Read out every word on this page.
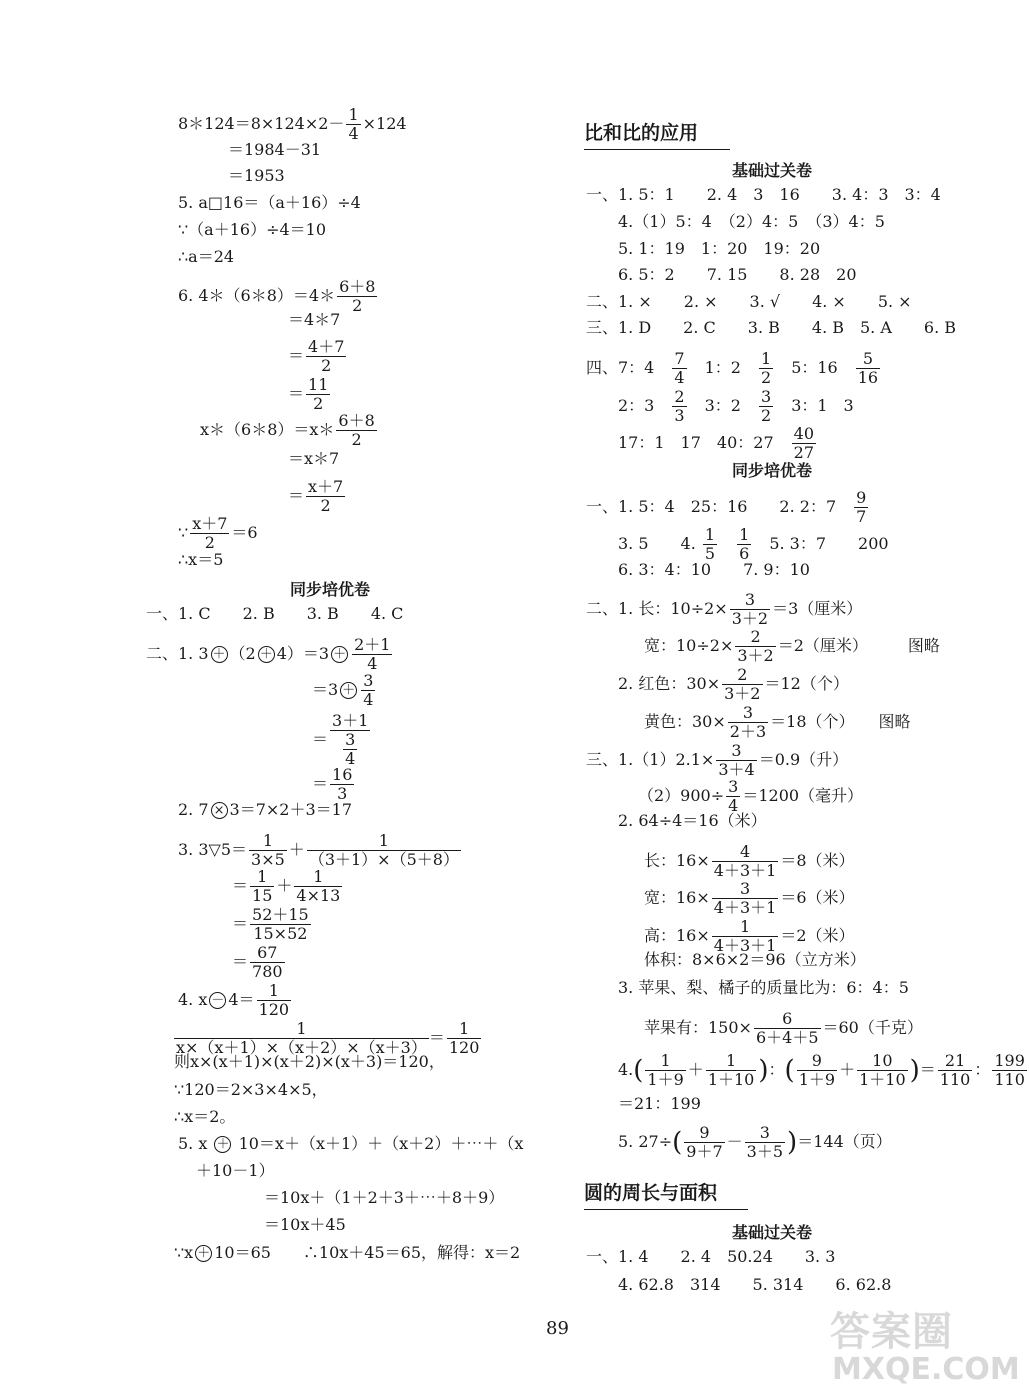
8＊124＝8×124×2－ $\frac{1}{4} \times 124$
＝1984－31
＝1953
5. a□16＝（a＋16）÷4
∵（a＋16）÷4＝10
∴a＝24
6. 4＊（6＊8）＝4＊ $\frac{6+8}{2}$
＝4＊7
＝ $\frac{4+7}{2}$
＝ $\frac{11}{2}$
x＊（6＊8）＝x＊ $\frac{6+8}{2}$
＝x＊7
＝ $\frac{x+7}{2}$
∵ $\frac{x+7}{2} =6$
∴x＝5
同步培优卷
一、1. C　　2. B　　3. B　　4. C
二、1. $3 + (2 + 4)=3 + \frac{2+1}{4}$
$=3 + \frac{3}{4}$
＝ $\frac{3+1}{\frac{3}{4}}$
＝ $\frac{16}{3}$
2. 7 × 3＝7×2＋3＝17
3. 3▽5＝ $\frac{1}{3\times 5} + \frac{1}{(3+1)\times(5+8)}$
＝ $\frac{1}{15} + \frac{1}{4\times 13}$
＝ $\frac{52+15}{15\times 52}$
＝ $\frac{67}{780}$
4. $x - 4= \frac{1}{120}$
$\frac{1}{x\times(x+1)\times(x+2)\times(x+3)} = \frac{1}{120}$
则x×(x＋1)×(x＋2)×(x＋3)＝120，
∵120＝2×3×4×5，
∴x＝2。
5. x ＋ 10＝x＋（x＋1）＋（x＋2）＋⋯＋（x
＋10－1）
＝10x＋（1＋2＋3＋⋯＋8＋9）
＝10x＋45
∵x ＋ 10＝65　　∴10x＋45＝65，解得：x＝2
比和比的应用
基础过关卷
一、1. 5：1　　2. 4　3　16　　3. 4：3　3：4
4.（1）5：4　（2）4：5　（3）4：5
5. 1：19　1：20　19：20
6. 5：2　　7. 15　　8. 28　20
二、1. ×　　2. ×　　3. √　　4. ×　　5. ×
三、1. D　　2. C　　3. B　　4. B　5. A　　6. B
四、7：4　 $\frac{7}{4}$
　 1：2　 $\frac{1}{2}$
　 5：16　 $\frac{5}{16}$
2：3　 $\frac{2}{3}$
　 3：2　 $\frac{3}{2}$
　 3：1　3
17：1　17　40：27　 $\frac{40}{27}$
同步培优卷
一、1. 5：4　25：16　　2. 2：7　 $\frac{9}{7}$
3. 5　　4. $\frac{1}{5}$
　 $\frac{1}{6}$
　 5. 3：7　　200
6. 3：4：10　　7. 9：10
二、1. 长：$10\div 2\times \frac{3}{3+2} =3$（厘米）
宽：$10\div 2\times \frac{2}{3+2} =2$（厘米）　　　图略
2. 红色：$30\times \frac{2}{3+2} =12$（个）
黄色：$30\times \frac{3}{2+3} =18$（个）　　图略
三、$1.(1)2.1\times \frac{3}{3+4} =0.9$（升）
$(2)900\div \frac{3}{4} =1200$（毫升）
2. 64÷4＝16（米）
长：$16\times \frac{4}{4+3+1} =8$（米）
宽：$16\times \frac{3}{4+3+1} =6$（米）
高：$16\times \frac{1}{4+3+1} =2$（米）
体积：8×6×2＝96（立方米）
3. 苹果、梨、橘子的质量比为：6：4：5
苹果有：$150\times \frac{6}{6+4+5} =60$（千克）
$4.( \frac{1}{1+9} + \frac{1}{1+10}$ )：( $\frac{9}{1+9} + \frac{10}{1+10}$ )＝ $\frac{21}{110}$ ： $\frac{199}{110}$
＝21：199
5. $27\div( \frac{9}{9+7} - \frac{3}{3+5} )=144$（页）
圆的周长与面积
基础过关卷
一、1. 4　　2. 4　50.24　　3. 3
4. 62.8　314　　5. 314　　6. 62.8
89	答案圈
MXQE.COM
